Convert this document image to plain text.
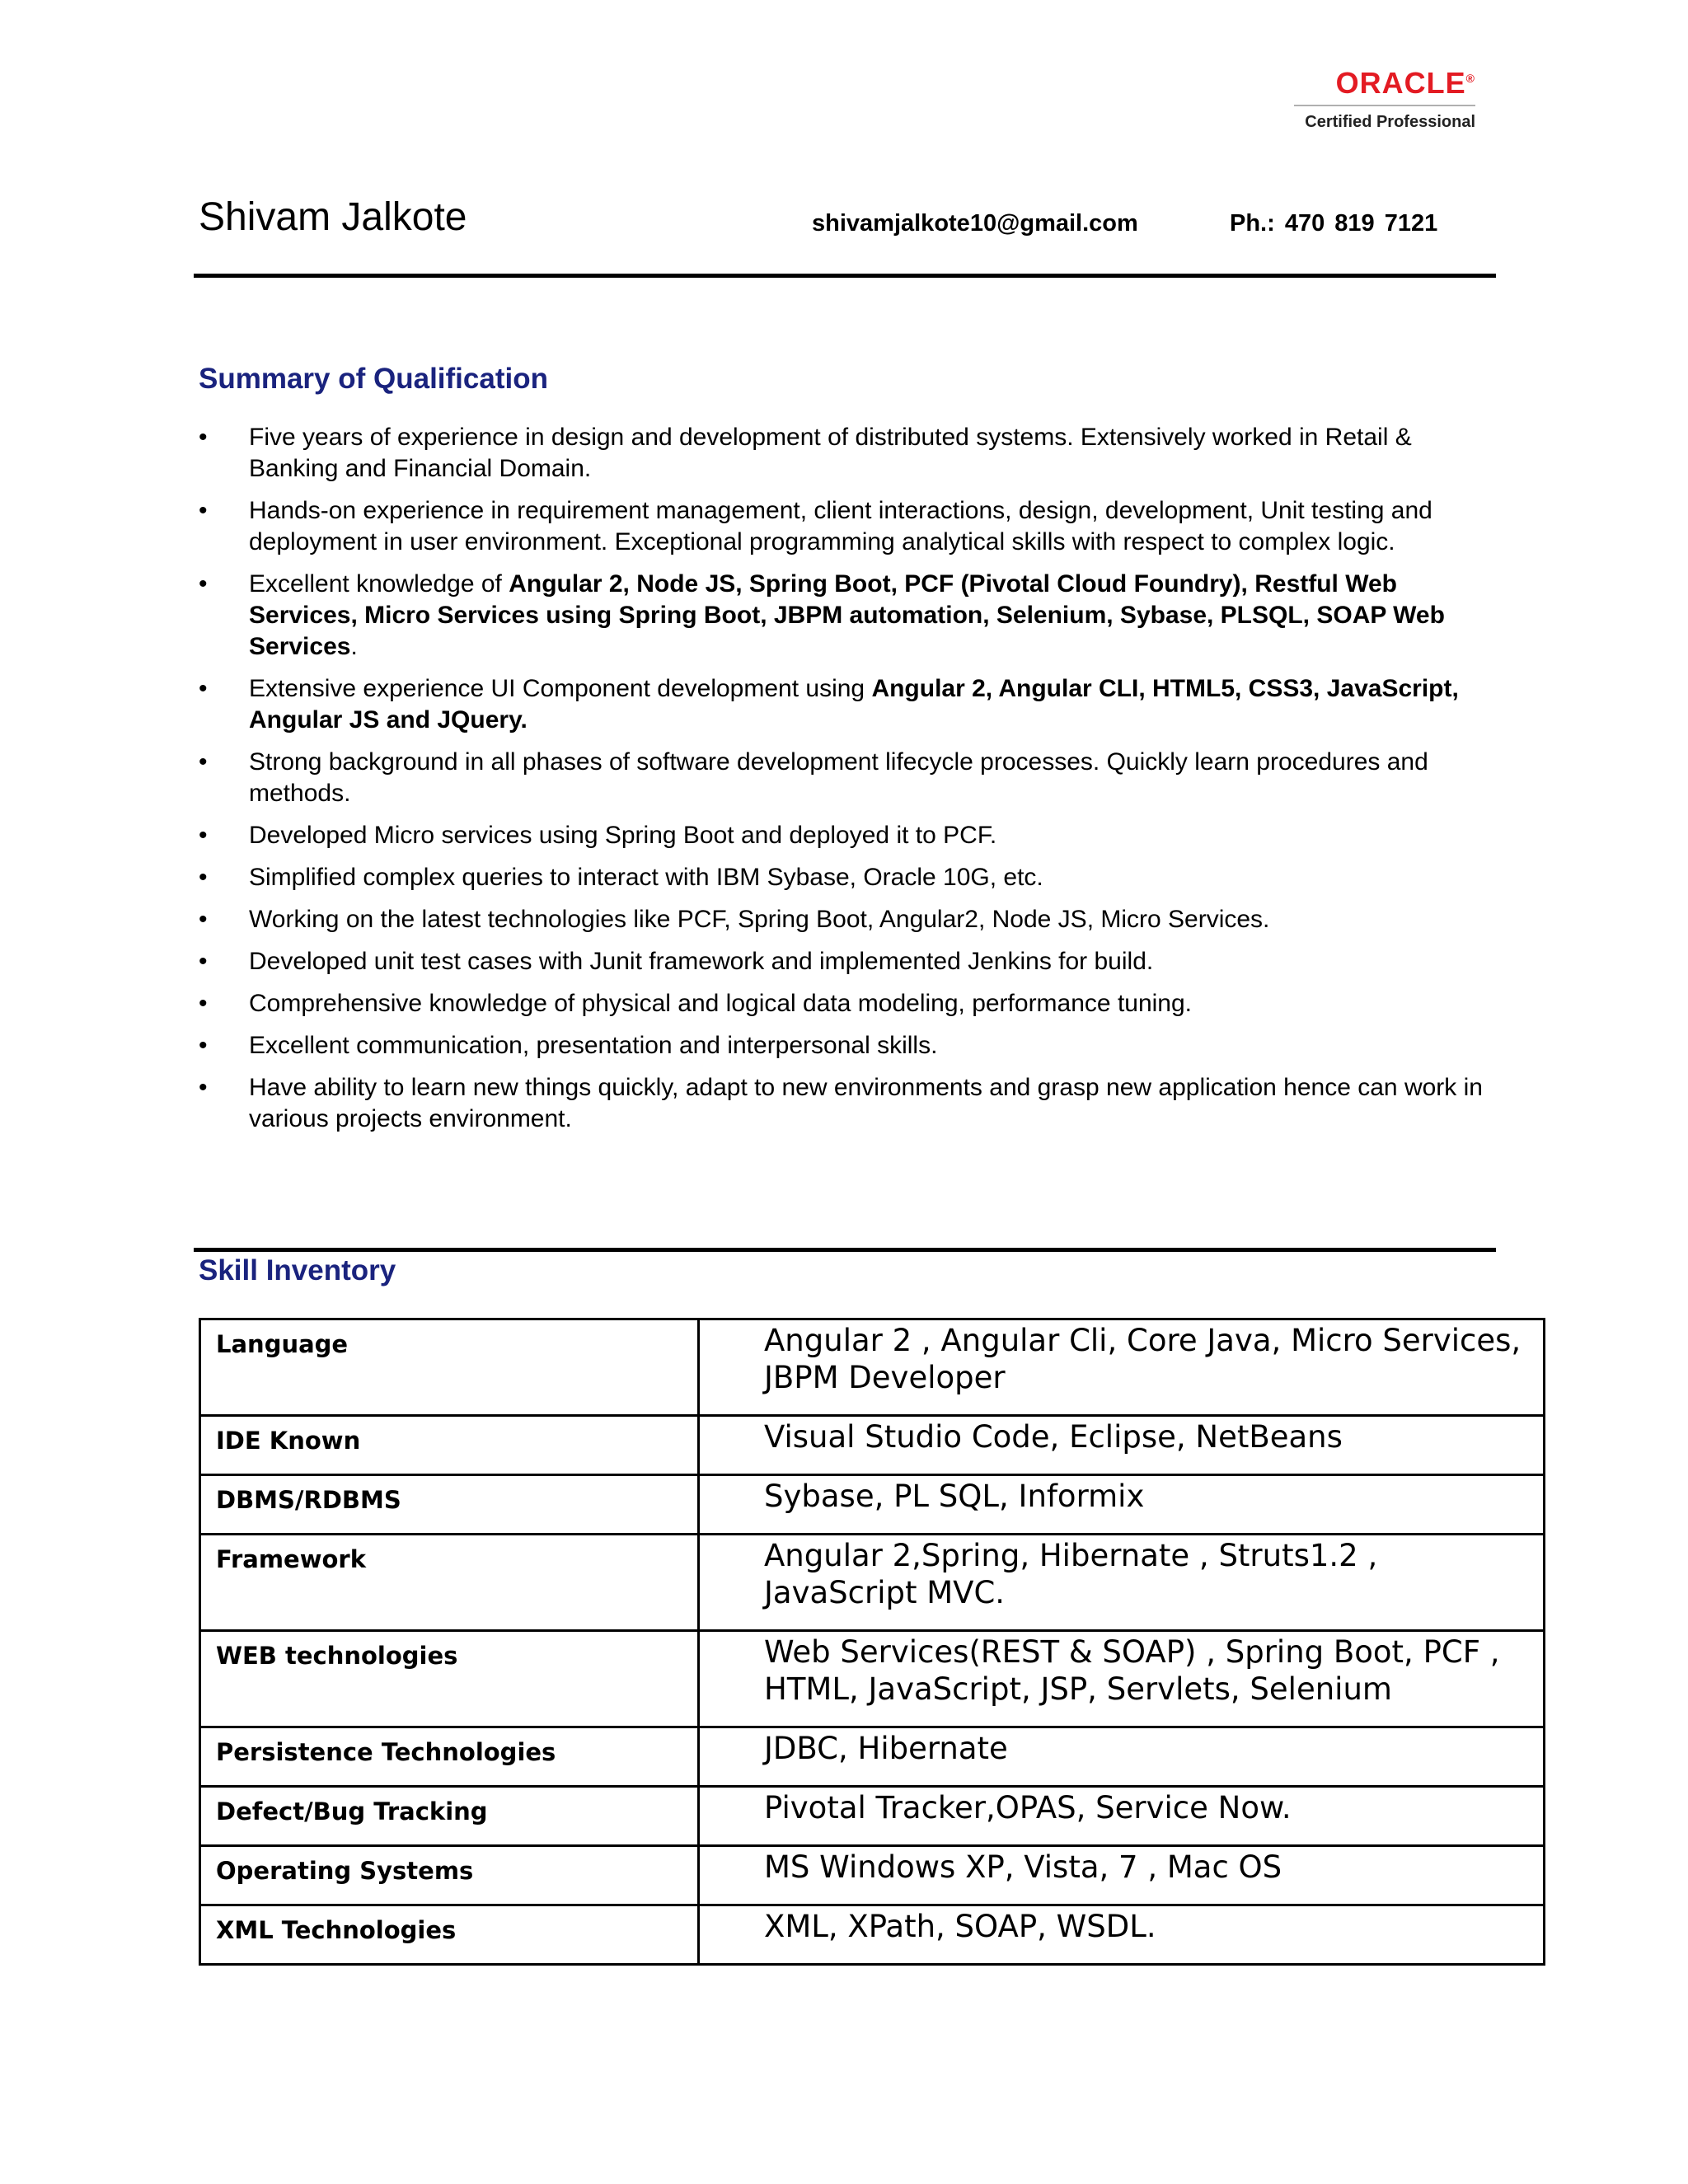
ORACLE®
Certified Professional
Shivam Jalkote	shivamjalkote10@gmail.com	Ph.: 470 819 7121
Summary of Qualification
• Five years of experience in design and development of distributed systems. Extensively worked in Retail & Banking and Financial Domain.
• Hands-on experience in requirement management, client interactions, design, development, Unit testing and deployment in user environment. Exceptional programming analytical skills with respect to complex logic.
• Excellent knowledge of Angular 2, Node JS, Spring Boot, PCF (Pivotal Cloud Foundry), Restful Web Services, Micro Services using Spring Boot, JBPM automation, Selenium, Sybase, PLSQL, SOAP Web Services.
• Extensive experience UI Component development using Angular 2, Angular CLI, HTML5, CSS3, JavaScript, Angular JS and JQuery.
• Strong background in all phases of software development lifecycle processes. Quickly learn procedures and methods.
• Developed Micro services using Spring Boot and deployed it to PCF.
• Simplified complex queries to interact with IBM Sybase, Oracle 10G, etc.
• Working on the latest technologies like PCF, Spring Boot, Angular2, Node JS, Micro Services.
• Developed unit test cases with Junit framework and implemented Jenkins for build.
• Comprehensive knowledge of physical and logical data modeling, performance tuning.
• Excellent communication, presentation and interpersonal skills.
• Have ability to learn new things quickly, adapt to new environments and grasp new application hence can work in various projects environment.
Skill Inventory
Language	Angular 2 , Angular Cli, Core Java, Micro Services, JBPM Developer
IDE Known	Visual Studio Code, Eclipse, NetBeans
DBMS/RDBMS	Sybase, PL SQL, Informix
Framework	Angular 2,Spring, Hibernate , Struts1.2 , JavaScript MVC.
WEB technologies	Web Services(REST & SOAP) , Spring Boot, PCF , HTML, JavaScript, JSP, Servlets, Selenium
Persistence Technologies	JDBC, Hibernate
Defect/Bug Tracking	Pivotal Tracker,OPAS, Service Now.
Operating Systems	MS Windows XP, Vista, 7 , Mac OS
XML Technologies	XML, XPath, SOAP, WSDL.
